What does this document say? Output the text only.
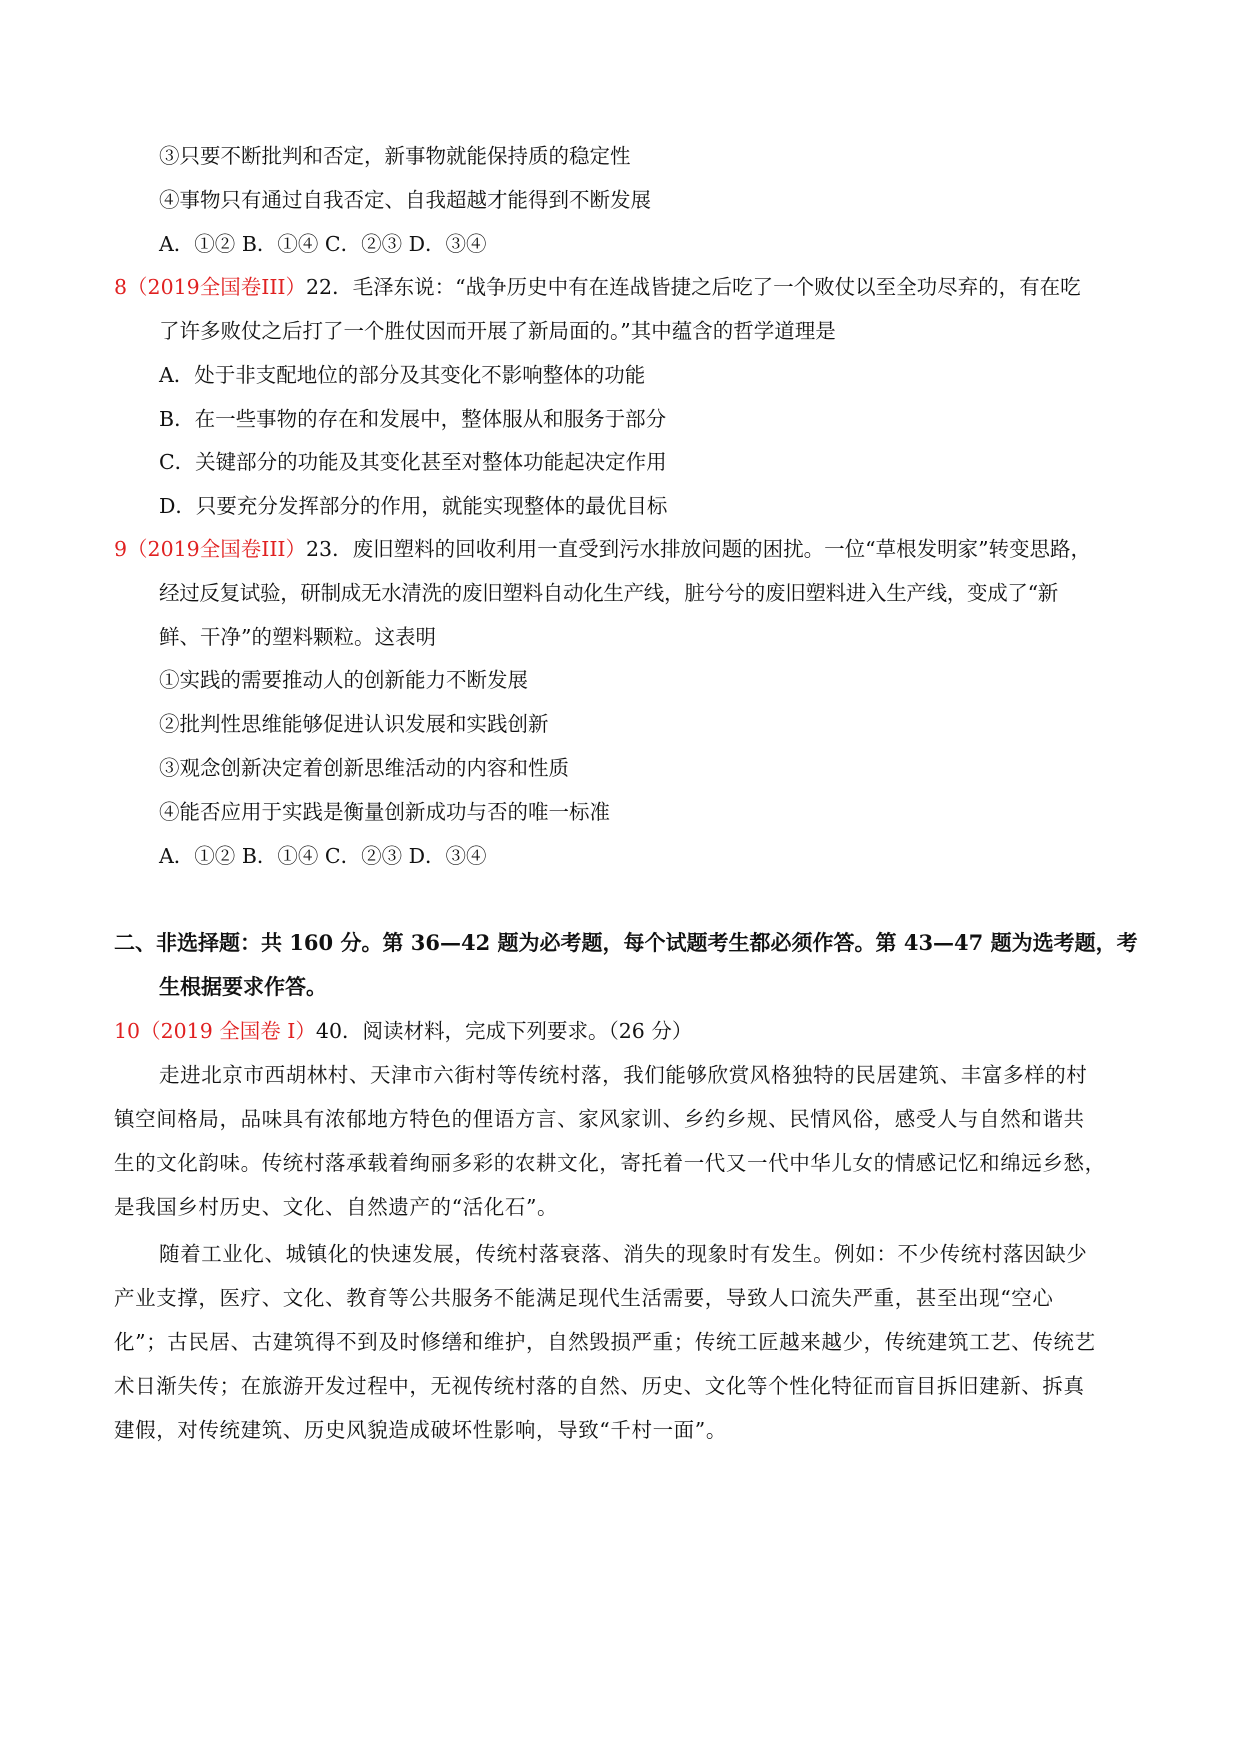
③只要不断批判和否定，新事物就能保持质的稳定性
④事物只有通过自我否定、自我超越才能得到不断发展
A．①② B．①④ C．②③ D．③④
8（2019全国卷III）22．毛泽东说：“战争历史中有在连战皆捷之后吃了一个败仗以至全功尽弃的，有在吃
了许多败仗之后打了一个胜仗因而开展了新局面的。”其中蕴含的哲学道理是
A．处于非支配地位的部分及其变化不影响整体的功能
B．在一些事物的存在和发展中，整体服从和服务于部分
C．关键部分的功能及其变化甚至对整体功能起决定作用
D．只要充分发挥部分的作用，就能实现整体的最优目标
9（2019全国卷III）23．废旧塑料的回收利用一直受到污水排放问题的困扰。一位“草根发明家”转变思路，
经过反复试验，研制成无水清洗的废旧塑料自动化生产线，脏兮兮的废旧塑料进入生产线，变成了“新
鲜、干净”的塑料颗粒。这表明
①实践的需要推动人的创新能力不断发展
②批判性思维能够促进认识发展和实践创新
③观念创新决定着创新思维活动的内容和性质
④能否应用于实践是衡量创新成功与否的唯一标准
A．①② B．①④ C．②③ D．③④
二、非选择题：共 160 分。第 36—42 题为必考题，每个试题考生都必须作答。第 43—47 题为选考题，考
生根据要求作答。
10（2019 全国卷 I）40．阅读材料，完成下列要求。（26 分）
走进北京市西胡林村、天津市六街村等传统村落，我们能够欣赏风格独特的民居建筑、丰富多样的村
镇空间格局，品味具有浓郁地方特色的俚语方言、家风家训、乡约乡规、民情风俗，感受人与自然和谐共
生的文化韵味。传统村落承载着绚丽多彩的农耕文化，寄托着一代又一代中华儿女的情感记忆和绵远乡愁，
是我国乡村历史、文化、自然遗产的“活化石”。
随着工业化、城镇化的快速发展，传统村落衰落、消失的现象时有发生。例如：不少传统村落因缺少
产业支撑，医疗、文化、教育等公共服务不能满足现代生活需要，导致人口流失严重，甚至出现“空心
化”；古民居、古建筑得不到及时修缮和维护，自然毁损严重；传统工匠越来越少，传统建筑工艺、传统艺
术日渐失传；在旅游开发过程中，无视传统村落的自然、历史、文化等个性化特征而盲目拆旧建新、拆真
建假，对传统建筑、历史风貌造成破坏性影响，导致“千村一面”。
